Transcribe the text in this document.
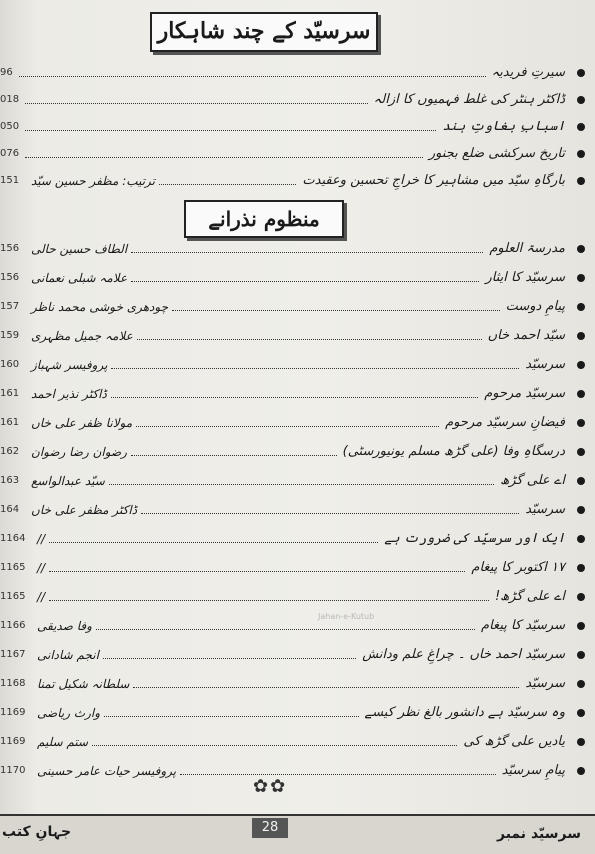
سرسیّد کے چند شاہکار
سیرتِ فریدیہ
96
ڈاکٹر ہنٹر کی غلط فہمیوں کا ازالہ
018
اسبابِ بغاوتِ ہند
050
تاریخ سرکشی ضلع بجنور
076
بارگاہِ سیّد میں مشاہیر کا خراجِ تحسین وعقیدت
ترتیب: مظفر حسین سیّد
151
منظوم نذرانے
مدرسۃ العلوم
الطاف حسین حالی
156
سرسیّد کا ایثار
علامہ شبلی نعمانی
156
پیامِ دوست
چودھری خوشی محمد ناظر
157
سیّد احمد خاں
علامہ جمیل مظہری
159
سرسیّد
پروفیسر شہباز
160
سرسیّد مرحوم
ڈاکٹر نذیر احمد
161
فیضانِ سرسیّد مرحوم
مولانا ظفر علی خاں
161
درسگاہِ وفا (علی گڑھ مسلم یونیورسٹی)
رضوان رضا رضوان
162
اے علی گڑھ
سیّد عبدالواسع
163
سرسیّد
ڈاکٹر مظفر علی خاں
164
ایک اور سرسیّد کی ضرورت ہے
//
1164
۱۷ اکتوبر کا پیغام
//
1165
اے علی گڑھ!
//
1165
سرسیّد کا پیغام
وفا صدیقی
1166
سرسیّد احمد خاں ۔ چراغِ علم ودانش
انجم شادانی
1167
سرسیّد
سلطانہ شکیل تمنا
1168
وہ سرسیّد ہے دانشور بالغ نظر کیسے
وارث ریاضی
1169
یادیں علی گڑھ کی
ستم سلیم
1169
پیامِ سرسیّد
پروفیسر حیات عامر حسینی
1170
Jahan-e-Kutub
✿✿
جہانِ کتب	28	سرسیّد نمبر
